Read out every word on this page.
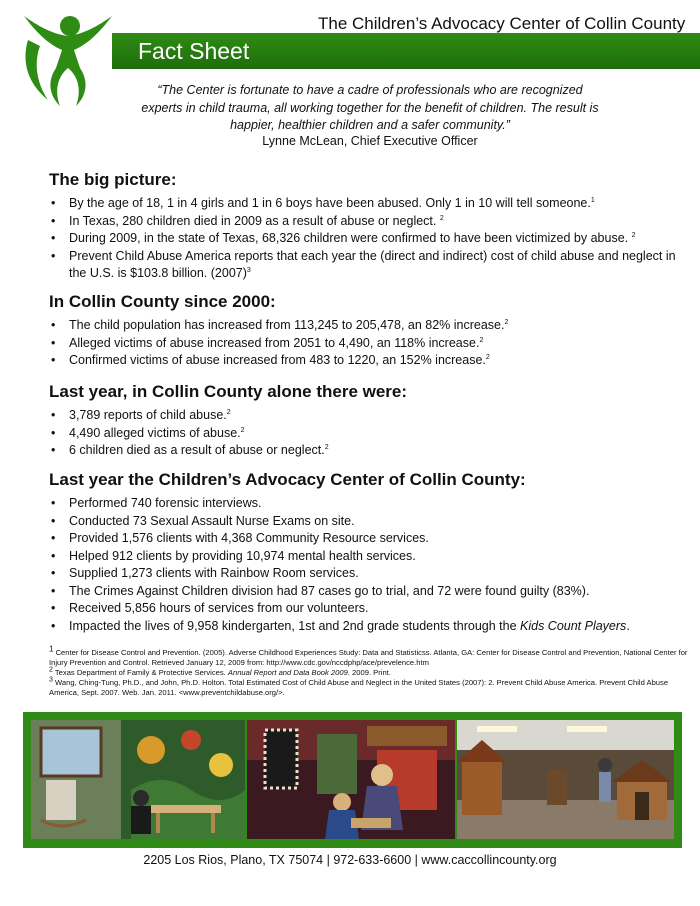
The Children’s Advocacy Center of Collin County
Fact Sheet
“The Center is fortunate to have a cadre of professionals who are recognized experts in child trauma, all working together for the benefit of children. The result is happier, healthier children and a safer community.”
Lynne McLean, Chief Executive Officer
The big picture:
• By the age of 18, 1 in 4 girls and 1 in 6 boys have been abused. Only 1 in 10 will tell someone.$^1$
• In Texas, 280 children died in 2009 as a result of abuse or neglect. $^2$
• During 2009, in the state of Texas, 68,326 children were confirmed to have been victimized by abuse. $^2$
• Prevent Child Abuse America reports that each year the (direct and indirect) cost of child abuse and neglect in the U.S. is $103.8 billion. $(2007)^3$
In Collin County since 2000:
• The child population has increased from 113,245 to 205,478, an 82% increase.$^2$
• Alleged victims of abuse increased from 2051 to 4,490, an 118% increase.$^2$
• Confirmed victims of abuse increased from 483 to 1220, an 152% increase.$^2$
Last year, in Collin County alone there were:
• 3,789 reports of child abuse.$^2$
• 4,490 alleged victims of abuse.$^2$
• 6 children died as a result of abuse or neglect.$^2$
Last year the Children’s Advocacy Center of Collin County:
• Performed 740 forensic interviews.
• Conducted 73 Sexual Assault Nurse Exams on site.
• Provided 1,576 clients with 4,368 Community Resource services.
• Helped 912 clients by providing 10,974 mental health services.
• Supplied 1,273 clients with Rainbow Room services.
• The Crimes Against Children division had 87 cases go to trial, and 72 were found guilty (83%).
• Received 5,856 hours of services from our volunteers.
• Impacted the lives of 9,958 kindergarten, 1st and 2nd grade students through the Kids Count Players.
$^1$ Center for Disease Control and Prevention. (2005). Adverse Childhood Experiences Study: Data and Statisticss. Atlanta, GA: Center for Disease Control and Prevention, National Center for Injury Prevention and Control. Retrieved January 12, 2009 from: http://www.cdc.gov/nccdphp/ace/prevelence.htm
$^2$ Texas Department of Family & Protective Services. Annual Report and Data Book 2009. 2009. Print.
$^3$ Wang, Ching-Tung, Ph.D., and John, Ph.D. Holton. Total Estimated Cost of Child Abuse and Neglect in the United States (2007): 2. Prevent Child Abuse America. Prevent Child Abuse America, Sept. 2007. Web. Jan. 2011. <www.preventchildabuse.org/>.
2205 Los Rios, Plano, TX 75074 | 972-633-6600 | www.caccollincounty.org
